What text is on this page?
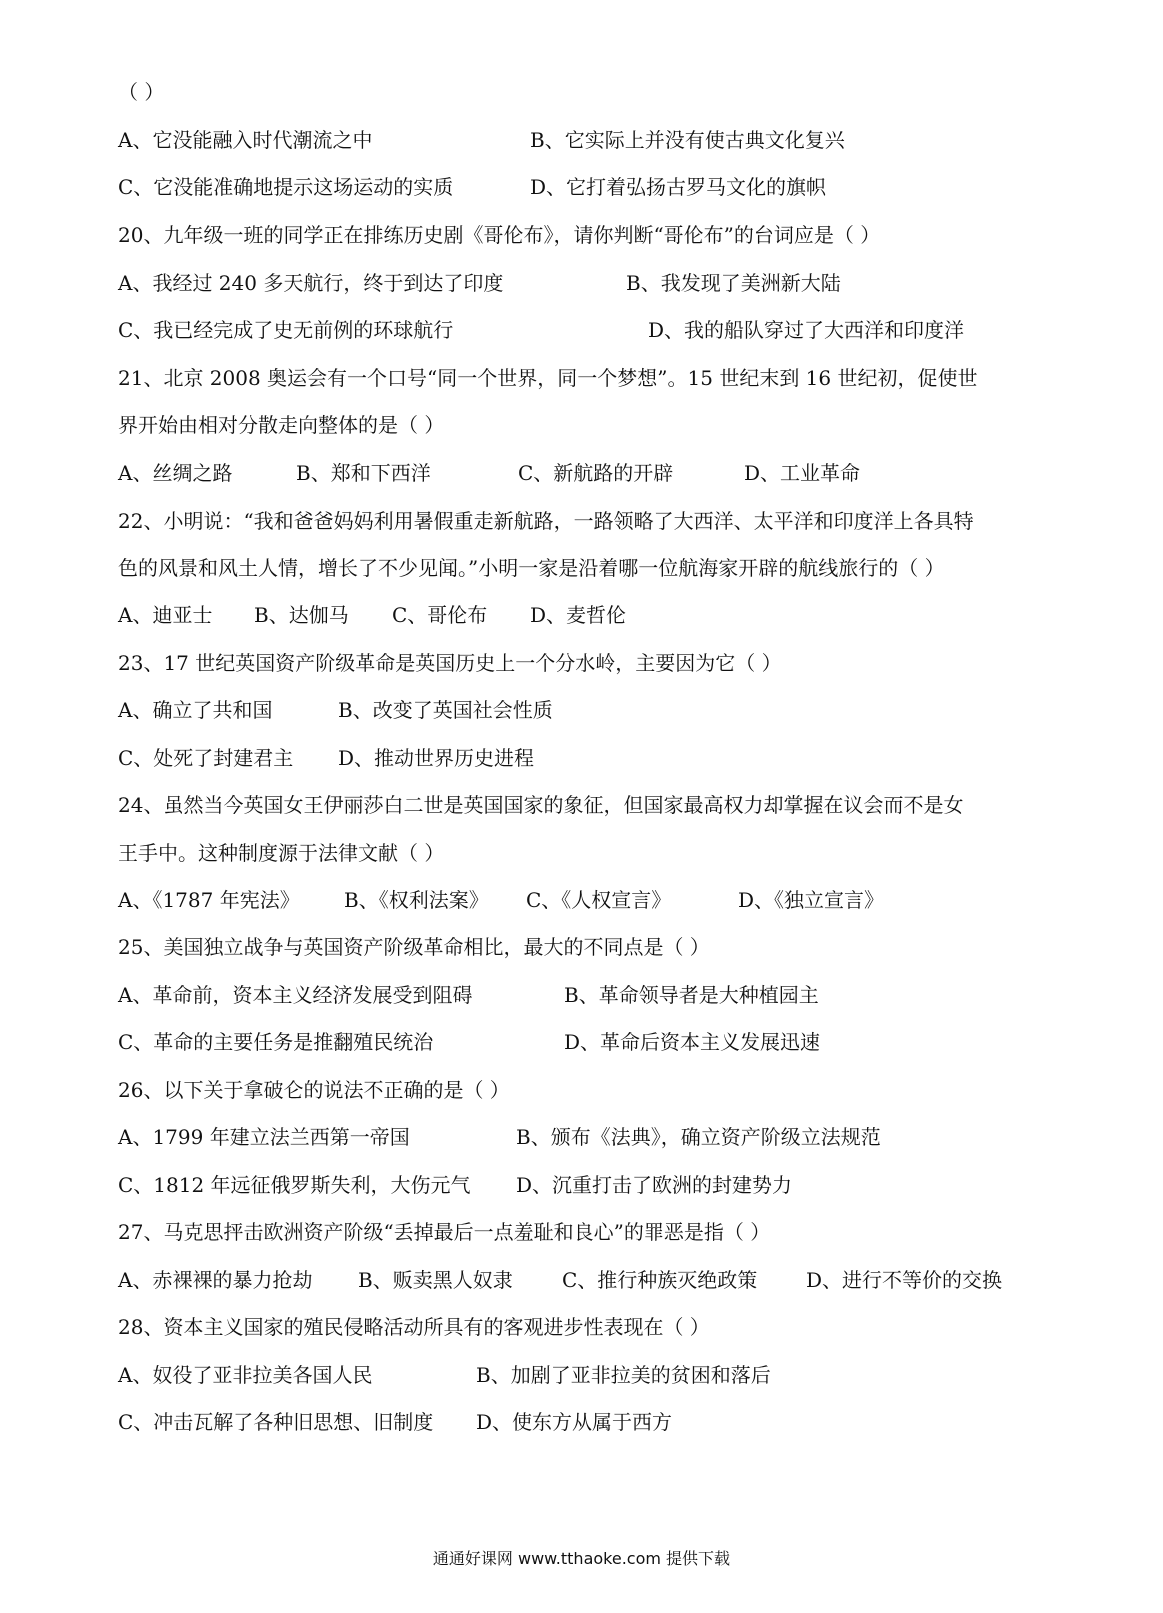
（ ）
A、它没能融入时代潮流之中	B、它实际上并没有使古典文化复兴
C、它没能准确地提示这场运动的实质	D、它打着弘扬古罗马文化的旗帜
20、九年级一班的同学正在排练历史剧《哥伦布》，请你判断“哥伦布”的台词应是（ ）
A、我经过 240 多天航行，终于到达了印度	B、我发现了美洲新大陆
C、我已经完成了史无前例的环球航行	D、我的船队穿过了大西洋和印度洋
21、北京 2008 奥运会有一个口号“同一个世界，同一个梦想”。15 世纪末到 16 世纪初，促使世
界开始由相对分散走向整体的是（ ）
A、丝绸之路	B、郑和下西洋	C、新航路的开辟	D、工业革命
22、小明说：“我和爸爸妈妈利用暑假重走新航路，一路领略了大西洋、太平洋和印度洋上各具特
色的风景和风土人情，增长了不少见闻。”小明一家是沿着哪一位航海家开辟的航线旅行的（ ）
A、迪亚士 B、达伽马 C、哥伦布 D、麦哲伦
23、17 世纪英国资产阶级革命是英国历史上一个分水岭，主要因为它（ ）
A、确立了共和国	B、改变了英国社会性质
C、处死了封建君主 D、推动世界历史进程
24、虽然当今英国女王伊丽莎白二世是英国国家的象征，但国家最高权力却掌握在议会而不是女
王手中。这种制度源于法律文献（ ）
A、《1787 年宪法》 B、《权利法案》 C、《人权宣言》	D、《独立宣言》
25、美国独立战争与英国资产阶级革命相比，最大的不同点是（ ）
A、革命前，资本主义经济发展受到阻碍	B、革命领导者是大种植园主
C、革命的主要任务是推翻殖民统治	D、革命后资本主义发展迅速
26、以下关于拿破仑的说法不正确的是（ ）
A、1799 年建立法兰西第一帝国	B、颁布《法典》，确立资产阶级立法规范
C、1812 年远征俄罗斯失利，大伤元气 D、沉重打击了欧洲的封建势力
27、马克思抨击欧洲资产阶级“丢掉最后一点羞耻和良心”的罪恶是指（ ）
A、赤裸裸的暴力抢劫 B、贩卖黑人奴隶 C、推行种族灭绝政策 D、进行不等价的交换
28、资本主义国家的殖民侵略活动所具有的客观进步性表现在（ ）
A、奴役了亚非拉美各国人民	B、加剧了亚非拉美的贫困和落后
C、冲击瓦解了各种旧思想、旧制度 D、使东方从属于西方
通通好课网 www.tthaoke.com 提供下载
